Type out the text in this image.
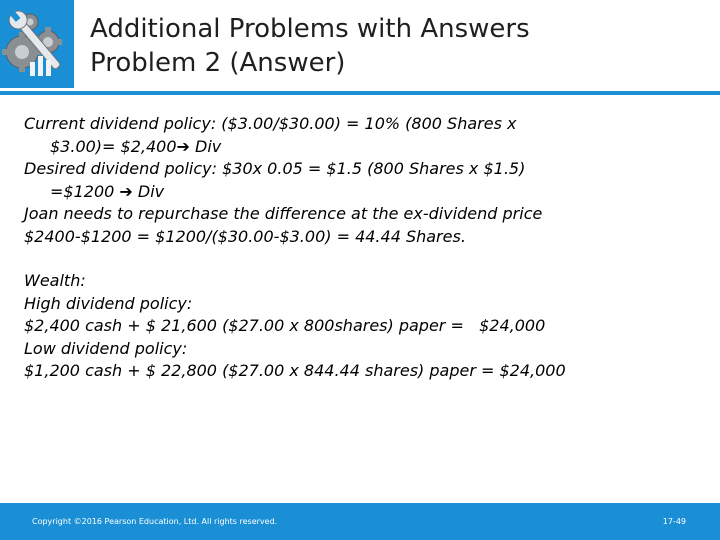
Additional Problems with Answers
Problem 2 (Answer)
Current dividend policy: ($3.00/$30.00) = 10% (800 Shares x
$3.00)= $2,400➔ Div
Desired dividend policy: $30x 0.05 = $1.5 (800 Shares x $1.5)
=$1200 ➔ Div
Joan needs to repurchase the difference at the ex-dividend price
$2400-$1200 = $1200/($30.00-$3.00) = 44.44 Shares.
Wealth:
High dividend policy:
$2,400 cash + $ 21,600 ($27.00 x 800shares) paper =   $24,000
Low dividend policy:
$1,200 cash + $ 22,800 ($27.00 x 844.44 shares) paper = $24,000
Copyright ©2016 Pearson Education, Ltd. All rights reserved.	17-49
